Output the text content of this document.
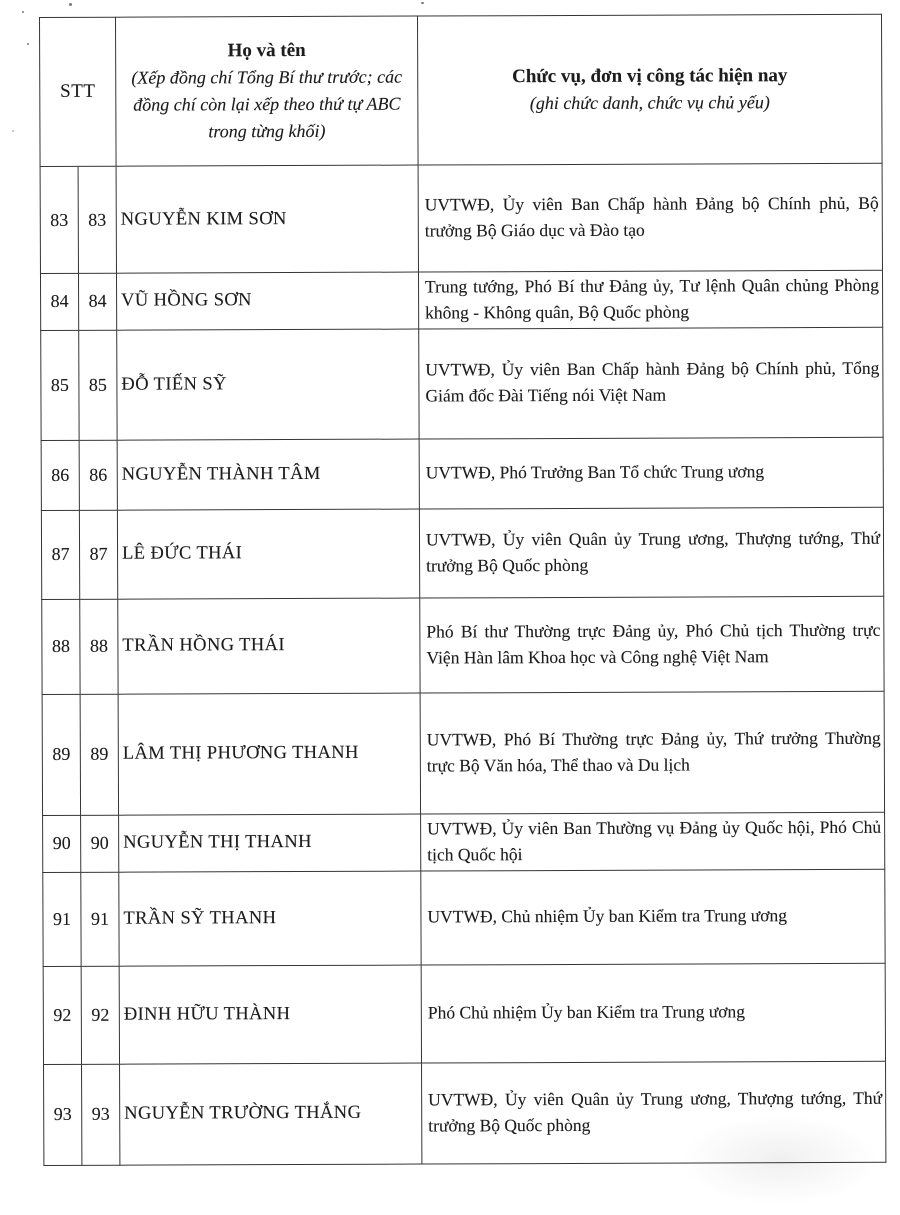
STT	
Họ và tên
(Xếp đồng chí Tổng Bí thư trước; các đồng chí còn lại xếp theo thứ tự ABC trong từng khối)

Chức vụ, đơn vị công tác hiện nay
(ghi chức danh, chức vụ chủ yếu)

83	83	NGUYỄN KIM SƠN	UVTWĐ, Ủy viên Ban Chấp hành Đảng bộ Chính phủ, Bộ trưởng Bộ Giáo dục và Đào tạo

84	84	VŨ HỒNG SƠN	Trung tướng, Phó Bí thư Đảng ủy, Tư lệnh Quân chủng Phòng không - Không quân, Bộ Quốc phòng

85	85	ĐỖ TIẾN SỸ	UVTWĐ, Ủy viên Ban Chấp hành Đảng bộ Chính phủ, Tổng Giám đốc Đài Tiếng nói Việt Nam

86	86	NGUYỄN THÀNH TÂM	UVTWĐ, Phó Trưởng Ban Tổ chức Trung ương

87	87	LÊ ĐỨC THÁI	UVTWĐ, Ủy viên Quân ủy Trung ương, Thượng tướng, Thứ trưởng Bộ Quốc phòng

88	88	TRẦN HỒNG THÁI	Phó Bí thư Thường trực Đảng ủy, Phó Chủ tịch Thường trực Viện Hàn lâm Khoa học và Công nghệ Việt Nam

89	89	LÂM THỊ PHƯƠNG THANH	UVTWĐ, Phó Bí Thường trực Đảng ủy, Thứ trưởng Thường trực Bộ Văn hóa, Thể thao và Du lịch

90	90	NGUYỄN THỊ THANH	UVTWĐ, Ủy viên Ban Thường vụ Đảng ủy Quốc hội, Phó Chủ tịch Quốc hội

91	91	TRẦN SỸ THANH	UVTWĐ, Chủ nhiệm Ủy ban Kiểm tra Trung ương

92	92	ĐINH HỮU THÀNH	Phó Chủ nhiệm Ủy ban Kiểm tra Trung ương

93	93	NGUYỄN TRƯỜNG THẮNG	UVTWĐ, Ủy viên Quân ủy Trung ương, Thượng tướng, Thứ trưởng Bộ Quốc phòng
